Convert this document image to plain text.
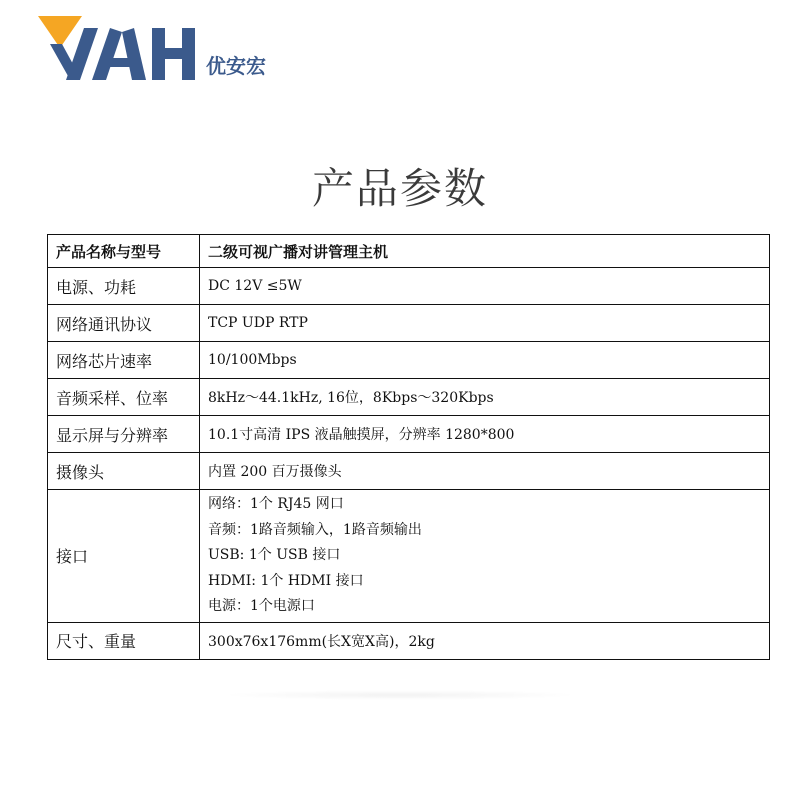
优安宏
产品参数
产品名称与型号	二级可视广播对讲管理主机
电源、功耗	DC 12V ≤5W
网络通讯协议	TCP UDP RTP
网络芯片速率	10/100Mbps
音频采样、位率	8kHz～44.1kHz, 16位，8Kbps～320Kbps
显示屏与分辨率	10.1寸高清 IPS 液晶触摸屏，分辨率 1280*800
摄像头	内置 200 百万摄像头
接口	网络：1个 RJ45 网口
音频：1路音频输入，1路音频输出
USB: 1个 USB 接口
HDMI: 1个 HDMI 接口
电源：1个电源口

尺寸、重量	300x76x176mm(长X宽X高)，2kg
